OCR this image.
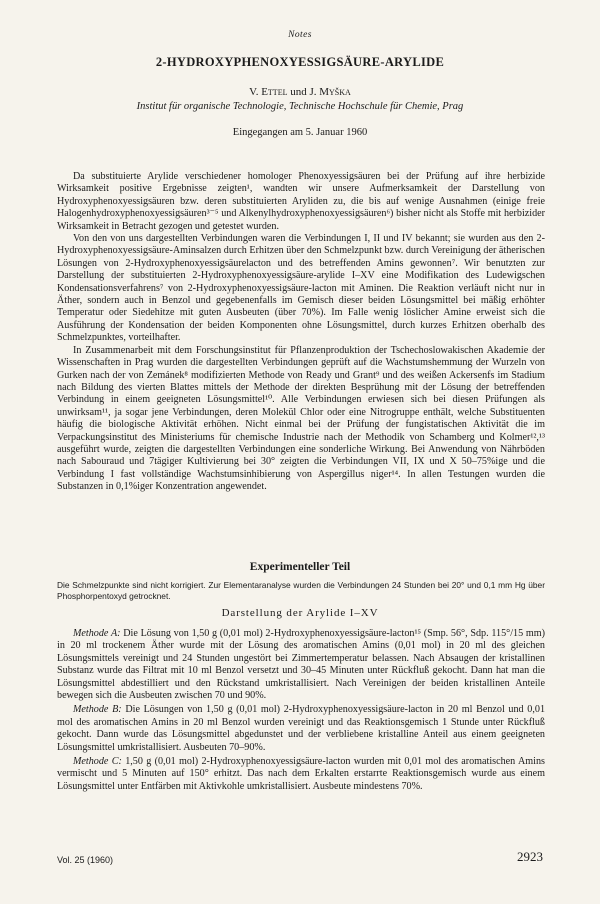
Notes
2-HYDROXYPHENOXYESSIGSÄURE-ARYLIDE
V. Ettel und J. Myška
Institut für organische Technologie, Technische Hochschule für Chemie, Prag
Eingegangen am 5. Januar 1960

Da substituierte Arylide verschiedener homologer Phenoxyessigsäuren bei der Prüfung auf ihre herbizide Wirksamkeit positive Ergebnisse zeigten¹, wandten wir unsere Aufmerksamkeit der Darstellung von Hydroxyphenoxyessigsäuren bzw. deren substituierten Aryliden zu, die bis auf wenige Ausnahmen (einige freie Halogenhydroxyphenoxyessigsäuren³⁻⁵ und Alkenylhydroxyphenoxyessigsäuren⁶) bisher nicht als Stoffe mit herbizider Wirksamkeit in Betracht gezogen und getestet wurden.

Von den von uns dargestellten Verbindungen waren die Verbindungen I, II und IV bekannt; sie wurden aus den 2-Hydroxyphenoxyessigsäure-Aminsalzen durch Erhitzen über den Schmelzpunkt bzw. durch Vereinigung der ätherischen Lösungen von 2-Hydroxyphenoxyessigsäurelacton und des betreffenden Amins gewonnen⁷. Wir benutzten zur Darstellung der substituierten 2-Hydroxyphenoxyessigsäure-arylide I–XV eine Modifikation des Ludewigschen Kondensationsverfahrens⁷ von 2-Hydroxyphenoxyessigsäure-lacton mit Aminen. Die Reaktion verläuft nicht nur in Äther, sondern auch in Benzol und gegebenenfalls im Gemisch dieser beiden Lösungsmittel bei mäßig erhöhter Temperatur oder Siedehitze mit guten Ausbeuten (über 70%). Im Falle wenig löslicher Amine erweist sich die Ausführung der Kondensation der beiden Komponenten ohne Lösungsmittel, durch kurzes Erhitzen oberhalb des Schmelzpunktes, vorteilhafter.

In Zusammenarbeit mit dem Forschungsinstitut für Pflanzenproduktion der Tschechoslowakischen Akademie der Wissenschaften in Prag wurden die dargestellten Verbindungen geprüft auf die Wachstumshemmung der Wurzeln von Gurken nach der von Zemánek⁸ modifizierten Methode von Ready und Grant⁹ und des weißen Ackersenfs im Stadium nach Bildung des vierten Blattes mittels der Methode der direkten Besprühung mit der Lösung der betreffenden Verbindung in einem geeigneten Lösungsmittel¹⁰. Alle Verbindungen erwiesen sich bei diesen Prüfungen als unwirksam¹¹, ja sogar jene Verbindungen, deren Molekül Chlor oder eine Nitrogruppe enthält, welche Substituenten häufig die biologische Aktivität erhöhen. Nicht einmal bei der Prüfung der fungistatischen Aktivität die im Verpackungsinstitut des Ministeriums für chemische Industrie nach der Methodik von Schamberg und Kolmer¹²,¹³ ausgeführt wurde, zeigten die dargestellten Verbindungen eine sonderliche Wirkung. Bei Anwendung von Nährböden nach Sabouraud und 7tägiger Kultivierung bei 30° zeigten die Verbindungen VII, IX und X 50–75%ige und die Verbindung I fast vollständige Wachstumsinhibierung von Aspergillus niger¹⁴. In allen Testungen wurden die Substanzen in 0,1%iger Konzentration angewendet.

Experimenteller Teil
Die Schmelzpunkte sind nicht korrigiert. Zur Elementaranalyse wurden die Verbindungen 24 Stunden bei 20° und 0,1 mm Hg über Phosphorpentoxyd getrocknet.
Darstellung der Arylide I–XV

Methode A: Die Lösung von 1,50 g (0,01 mol) 2-Hydroxyphenoxyessigsäure-lacton¹⁵ (Smp. 56°, Sdp. 115°/15 mm) in 20 ml trockenem Äther wurde mit der Lösung des aromatischen Amins (0,01 mol) in 20 ml des gleichen Lösungsmittels vereinigt und 24 Stunden ungestört bei Zimmertemperatur belassen. Nach Absaugen der kristallinen Substanz wurde das Filtrat mit 10 ml Benzol versetzt und 30–45 Minuten unter Rückfluß gekocht. Dann hat man die Lösungsmittel abdestilliert und den Rückstand umkristallisiert. Nach Vereinigen der beiden kristallinen Anteile bewegen sich die Ausbeuten zwischen 70 und 90%.

Methode B: Die Lösungen von 1,50 g (0,01 mol) 2-Hydroxyphenoxyessigsäure-lacton in 20 ml Benzol und 0,01 mol des aromatischen Amins in 20 ml Benzol wurden vereinigt und das Reaktionsgemisch 1 Stunde unter Rückfluß gekocht. Dann wurde das Lösungsmittel abgedunstet und der verbliebene kristalline Anteil aus einem geeigneten Lösungsmittel umkristallisiert. Ausbeuten 70–90%.

Methode C: 1,50 g (0,01 mol) 2-Hydroxyphenoxyessigsäure-lacton wurden mit 0,01 mol des aromatischen Amins vermischt und 5 Minuten auf 150° erhitzt. Das nach dem Erkalten erstarrte Reaktionsgemisch wurde aus einem Lösungsmittel unter Entfärben mit Aktivkohle umkristallisiert. Ausbeute mindestens 70%.

Vol. 25 (1960)	2923
